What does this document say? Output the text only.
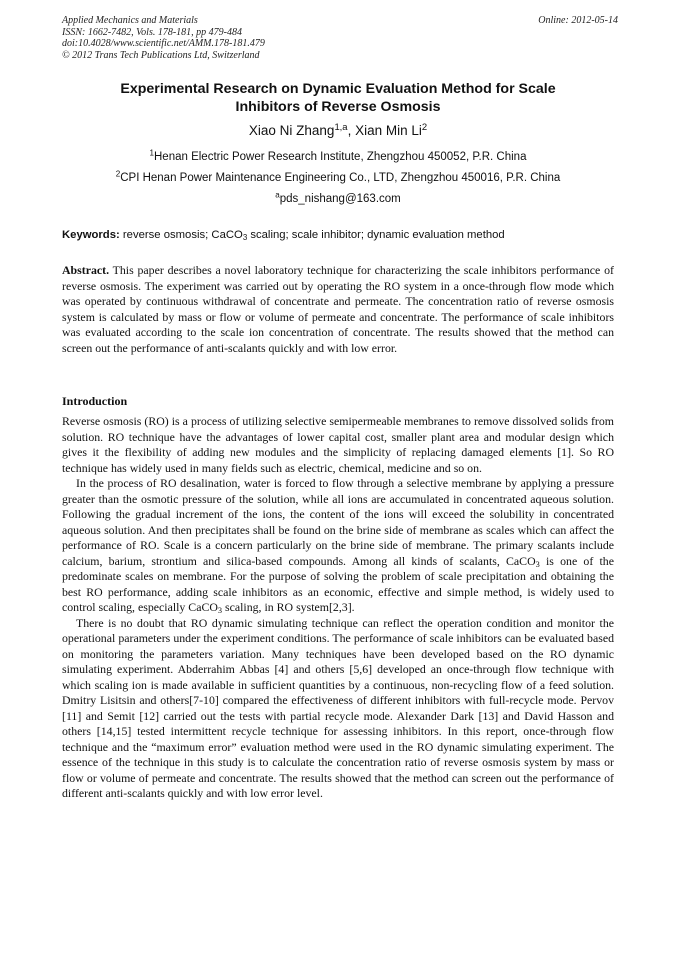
Applied Mechanics and Materials
ISSN: 1662-7482, Vols. 178-181, pp 479-484
doi:10.4028/www.scientific.net/AMM.178-181.479
© 2012 Trans Tech Publications Ltd, Switzerland
Online: 2012-05-14
Experimental Research on Dynamic Evaluation Method for Scale
Inhibitors of Reverse Osmosis
Xiao Ni Zhang$^{1,a}$, Xian Min Li$^2$
$^1$Henan Electric Power Research Institute, Zhengzhou 450052, P.R. China
$^2$CPI Henan Power Maintenance Engineering Co., LTD, Zhengzhou 450016, P.R. China
$^a$pds_nishang@163.com
Keywords: reverse osmosis; CaCO$_3$ scaling; scale inhibitor; dynamic evaluation method
Abstract. This paper describes a novel laboratory technique for characterizing the scale inhibitors performance of reverse osmosis. The experiment was carried out by operating the RO system in a once-through flow mode which was operated by continuous withdrawal of concentrate and permeate. The concentration ratio of reverse osmosis system is calculated by mass or flow or volume of permeate and concentrate. The performance of scale inhibitors was evaluated according to the scale ion concentration of concentrate. The results showed that the method can screen out the performance of anti-scalants quickly and with low error.
Introduction

Reverse osmosis (RO) is a process of utilizing selective semipermeable membranes to remove dissolved solids from solution. RO technique have the advantages of lower capital cost, smaller plant area and modular design which gives it the flexibility of adding new modules and the simplicity of replacing damaged elements [1]. So RO technique has widely used in many fields such as electric, chemical, medicine and so on.

In the process of RO desalination, water is forced to flow through a selective membrane by applying a pressure greater than the osmotic pressure of the solution, while all ions are accumulated in concentrated aqueous solution. Following the gradual increment of the ions, the content of the ions will exceed the solubility in concentrated aqueous solution. And then precipitates shall be found on the brine side of membrane as scales which can affect the performance of RO. Scale is a concern particularly on the brine side of membrane. The primary scalants include calcium, barium, strontium and silica-based compounds. Among all kinds of scalants, CaCO$_3$ is one of the predominate scales on membrane. For the purpose of solving the problem of scale precipitation and obtaining the best RO performance, adding scale inhibitors as an economic, effective and simple method, is widely used to control scaling, especially CaCO$_3$ scaling, in RO system[2,3].

There is no doubt that RO dynamic simulating technique can reflect the operation condition and monitor the operational parameters under the experiment conditions. The performance of scale inhibitors can be evaluated based on monitoring the parameters variation. Many techniques have been developed based on the RO dynamic simulating experiment. Abderrahim Abbas [4] and others [5,6] developed an once-through flow technique with which scaling ion is made available in sufficient quantities by a continuous, non-recycling flow of a feed solution. Dmitry Lisitsin and others[7-10] compared the effectiveness of different inhibitors with full-recycle mode. Pervov [11] and Semit [12] carried out the tests with partial recycle mode. Alexander Dark [13] and David Hasson and others [14,15] tested intermittent recycle technique for assessing inhibitors. In this report, once-through flow technique and the “maximum error” evaluation method were used in the RO dynamic simulating experiment. The essence of the technique in this study is to calculate the concentration ratio of reverse osmosis system by mass or flow or volume of permeate and concentrate. The results showed that the method can screen out the performance of different anti-scalants quickly and with low error level.
